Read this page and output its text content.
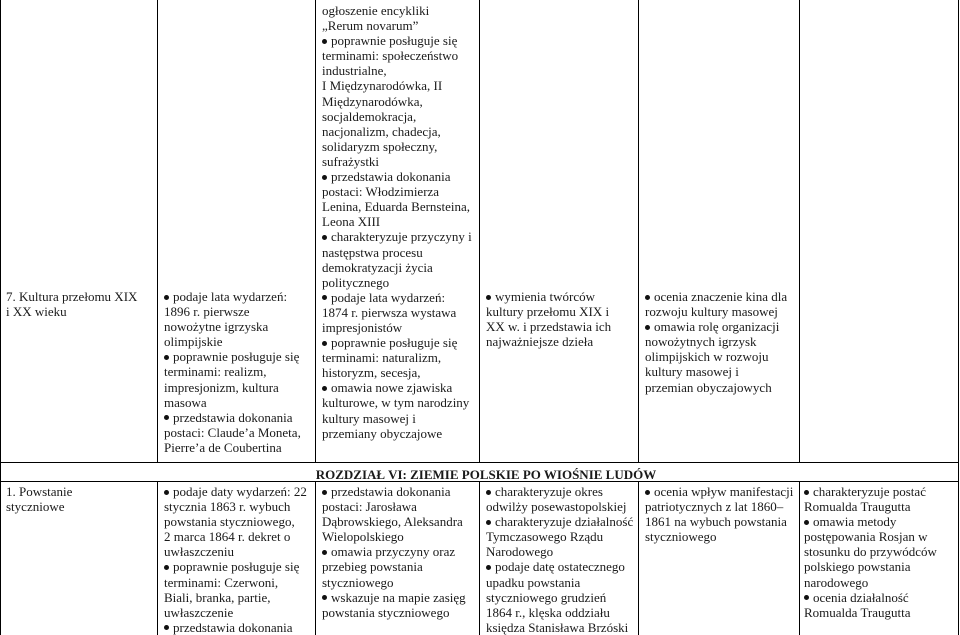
7. Kultura przełomu XIX
i XX wieku
podaje lata wydarzeń:
1896 r. pierwsze
nowożytne igrzyska
olimpijskie
poprawnie posługuje się
terminami: realizm,
impresjonizm, kultura
masowa
przedstawia dokonania
postaci: Claude’a Moneta,
Pierre’a de Coubertina
ogłoszenie encykliki
„Rerum novarum”
poprawnie posługuje się
terminami: społeczeństwo
industrialne,
I Międzynarodówka, II
Międzynarodówka,
socjaldemokracja,
nacjonalizm, chadecja,
solidaryzm społeczny,
sufrażystki
przedstawia dokonania
postaci: Włodzimierza
Lenina, Eduarda Bernsteina,
Leona XIII
charakteryzuje przyczyny i
następstwa procesu
demokratyzacji życia
politycznego
podaje lata wydarzeń:
1874 r. pierwsza wystawa
impresjonistów
poprawnie posługuje się
terminami: naturalizm,
historyzm, secesja,
omawia nowe zjawiska
kulturowe, w tym narodziny
kultury masowej i
przemiany obyczajowe
wymienia twórców
kultury przełomu XIX i
XX w. i przedstawia ich
najważniejsze dzieła
ocenia znaczenie kina dla
rozwoju kultury masowej
omawia rolę organizacji
nowożytnych igrzysk
olimpijskich w rozwoju
kultury masowej i
przemian obyczajowych
ROZDZIAŁ VI: ZIEMIE POLSKIE PO WIOŚNIE LUDÓW
1. Powstanie
styczniowe
podaje daty wydarzeń: 22
stycznia 1863 r. wybuch
powstania styczniowego,
2 marca 1864 r. dekret o
uwłaszczeniu
poprawnie posługuje się
terminami: Czerwoni,
Biali, branka, partie,
uwłaszczenie
przedstawia dokonania
przedstawia dokonania
postaci: Jarosława
Dąbrowskiego, Aleksandra
Wielopolskiego
omawia przyczyny oraz
przebieg powstania
styczniowego
wskazuje na mapie zasięg
powstania styczniowego
charakteryzuje okres
odwilży posewastopolskiej
charakteryzuje działalność
Tymczasowego Rządu
Narodowego
podaje datę ostatecznego
upadku powstania
styczniowego grudzień
1864 r., klęska oddziału
księdza Stanisława Brzóski
ocenia wpływ manifestacji
patriotycznych z lat 1860–
1861 na wybuch powstania
styczniowego
charakteryzuje postać
Romualda Traugutta
omawia metody
postępowania Rosjan w
stosunku do przywódców
polskiego powstania
narodowego
ocenia działalność
Romualda Traugutta
